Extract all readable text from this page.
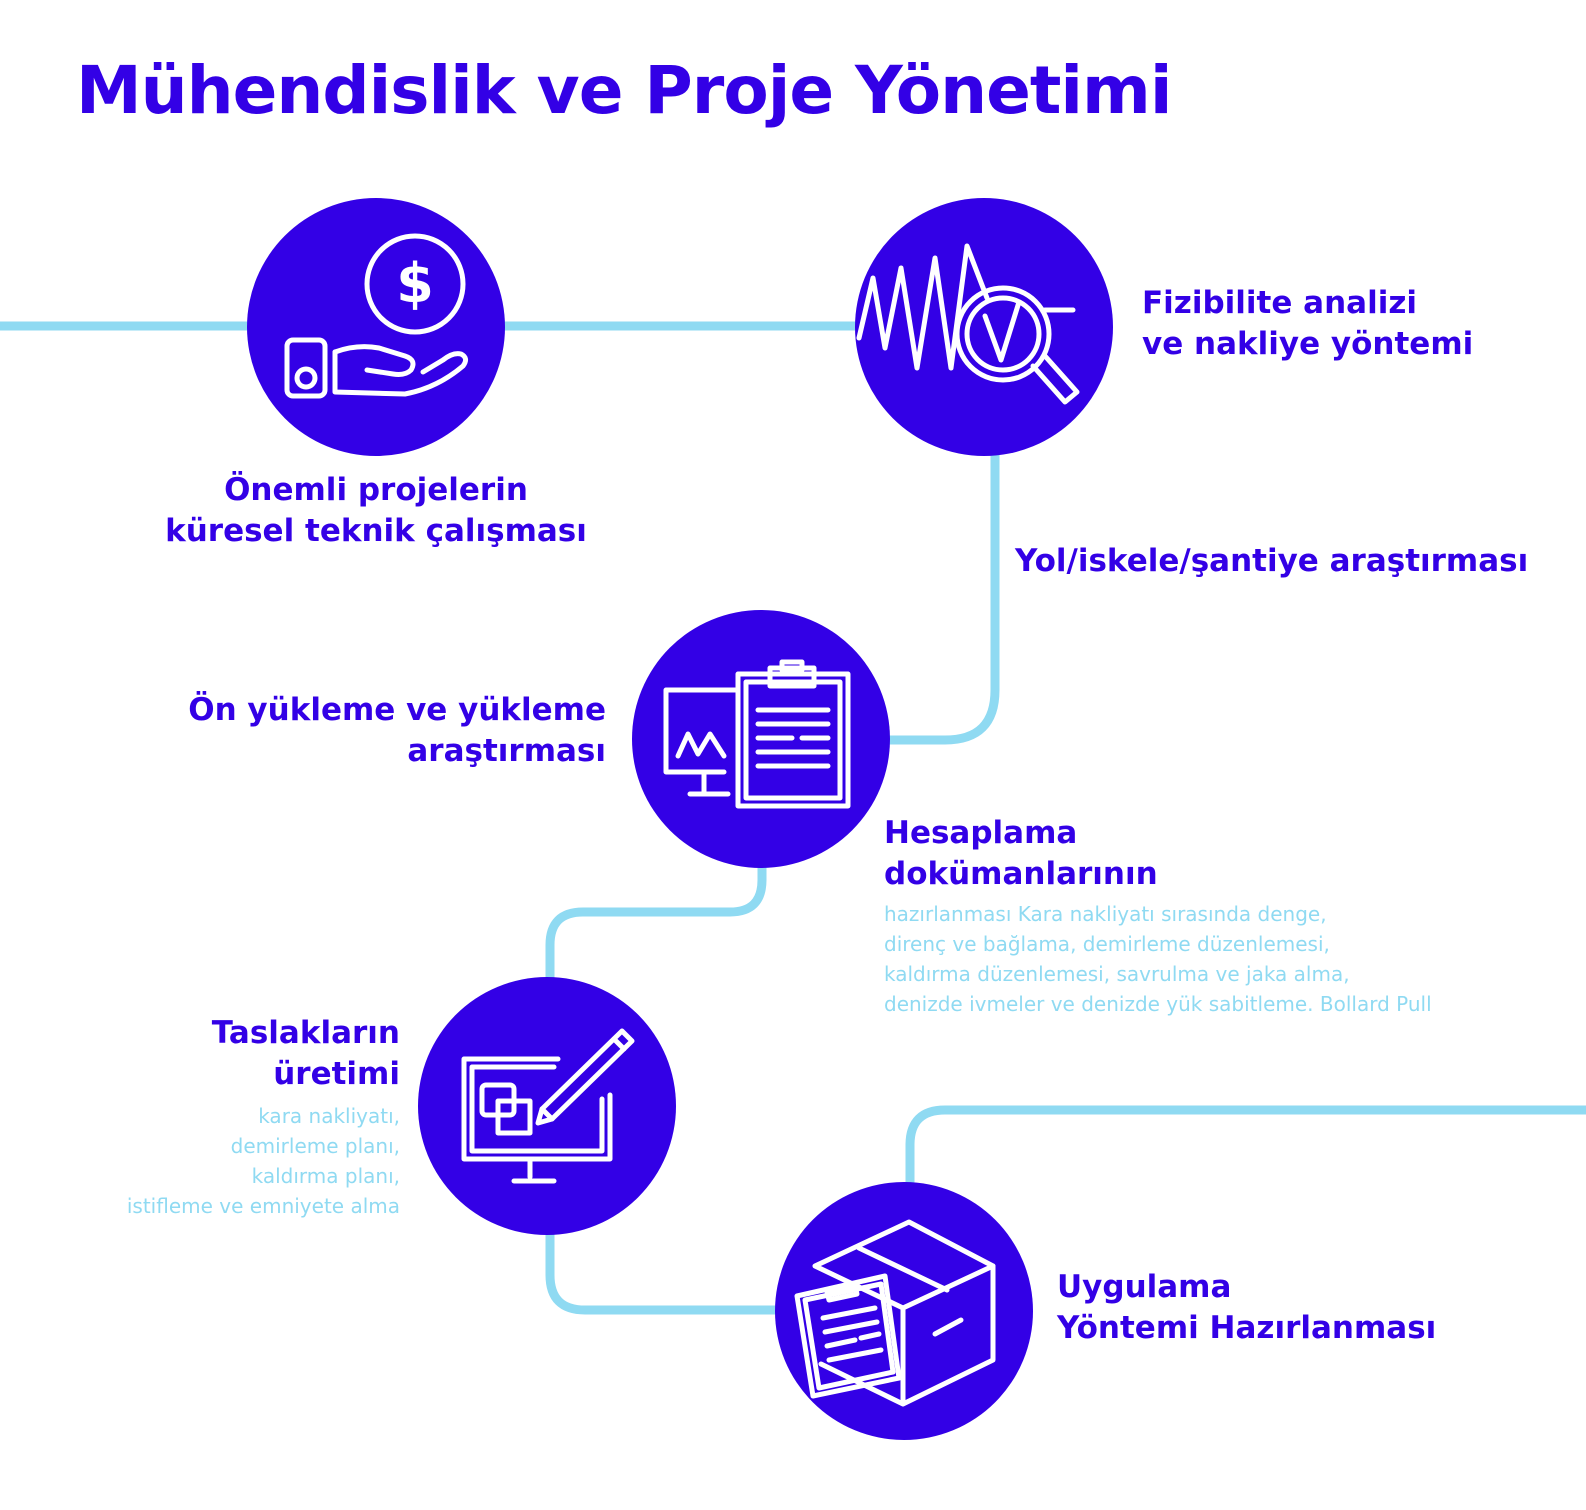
Mühendislik ve Proje Yönetimi
$
Önemli projelerin
küresel teknik çalışması
Fizibilite analizi
ve nakliye yöntemi
Yol/iskele/şantiye araştırması
Ön yükleme ve yükleme
araştırması
Hesaplama
dokümanlarının
hazırlanması Kara nakliyatı sırasında denge,
direnç ve bağlama, demirleme düzenlemesi,
kaldırma düzenlemesi, savrulma ve jaka alma,
denizde ivmeler ve denizde yük sabitleme. Bollard Pull
Taslakların
üretimi
kara nakliyatı,
demirleme planı,
kaldırma planı,
istifleme ve emniyete alma
Uygulama
Yöntemi Hazırlanması
